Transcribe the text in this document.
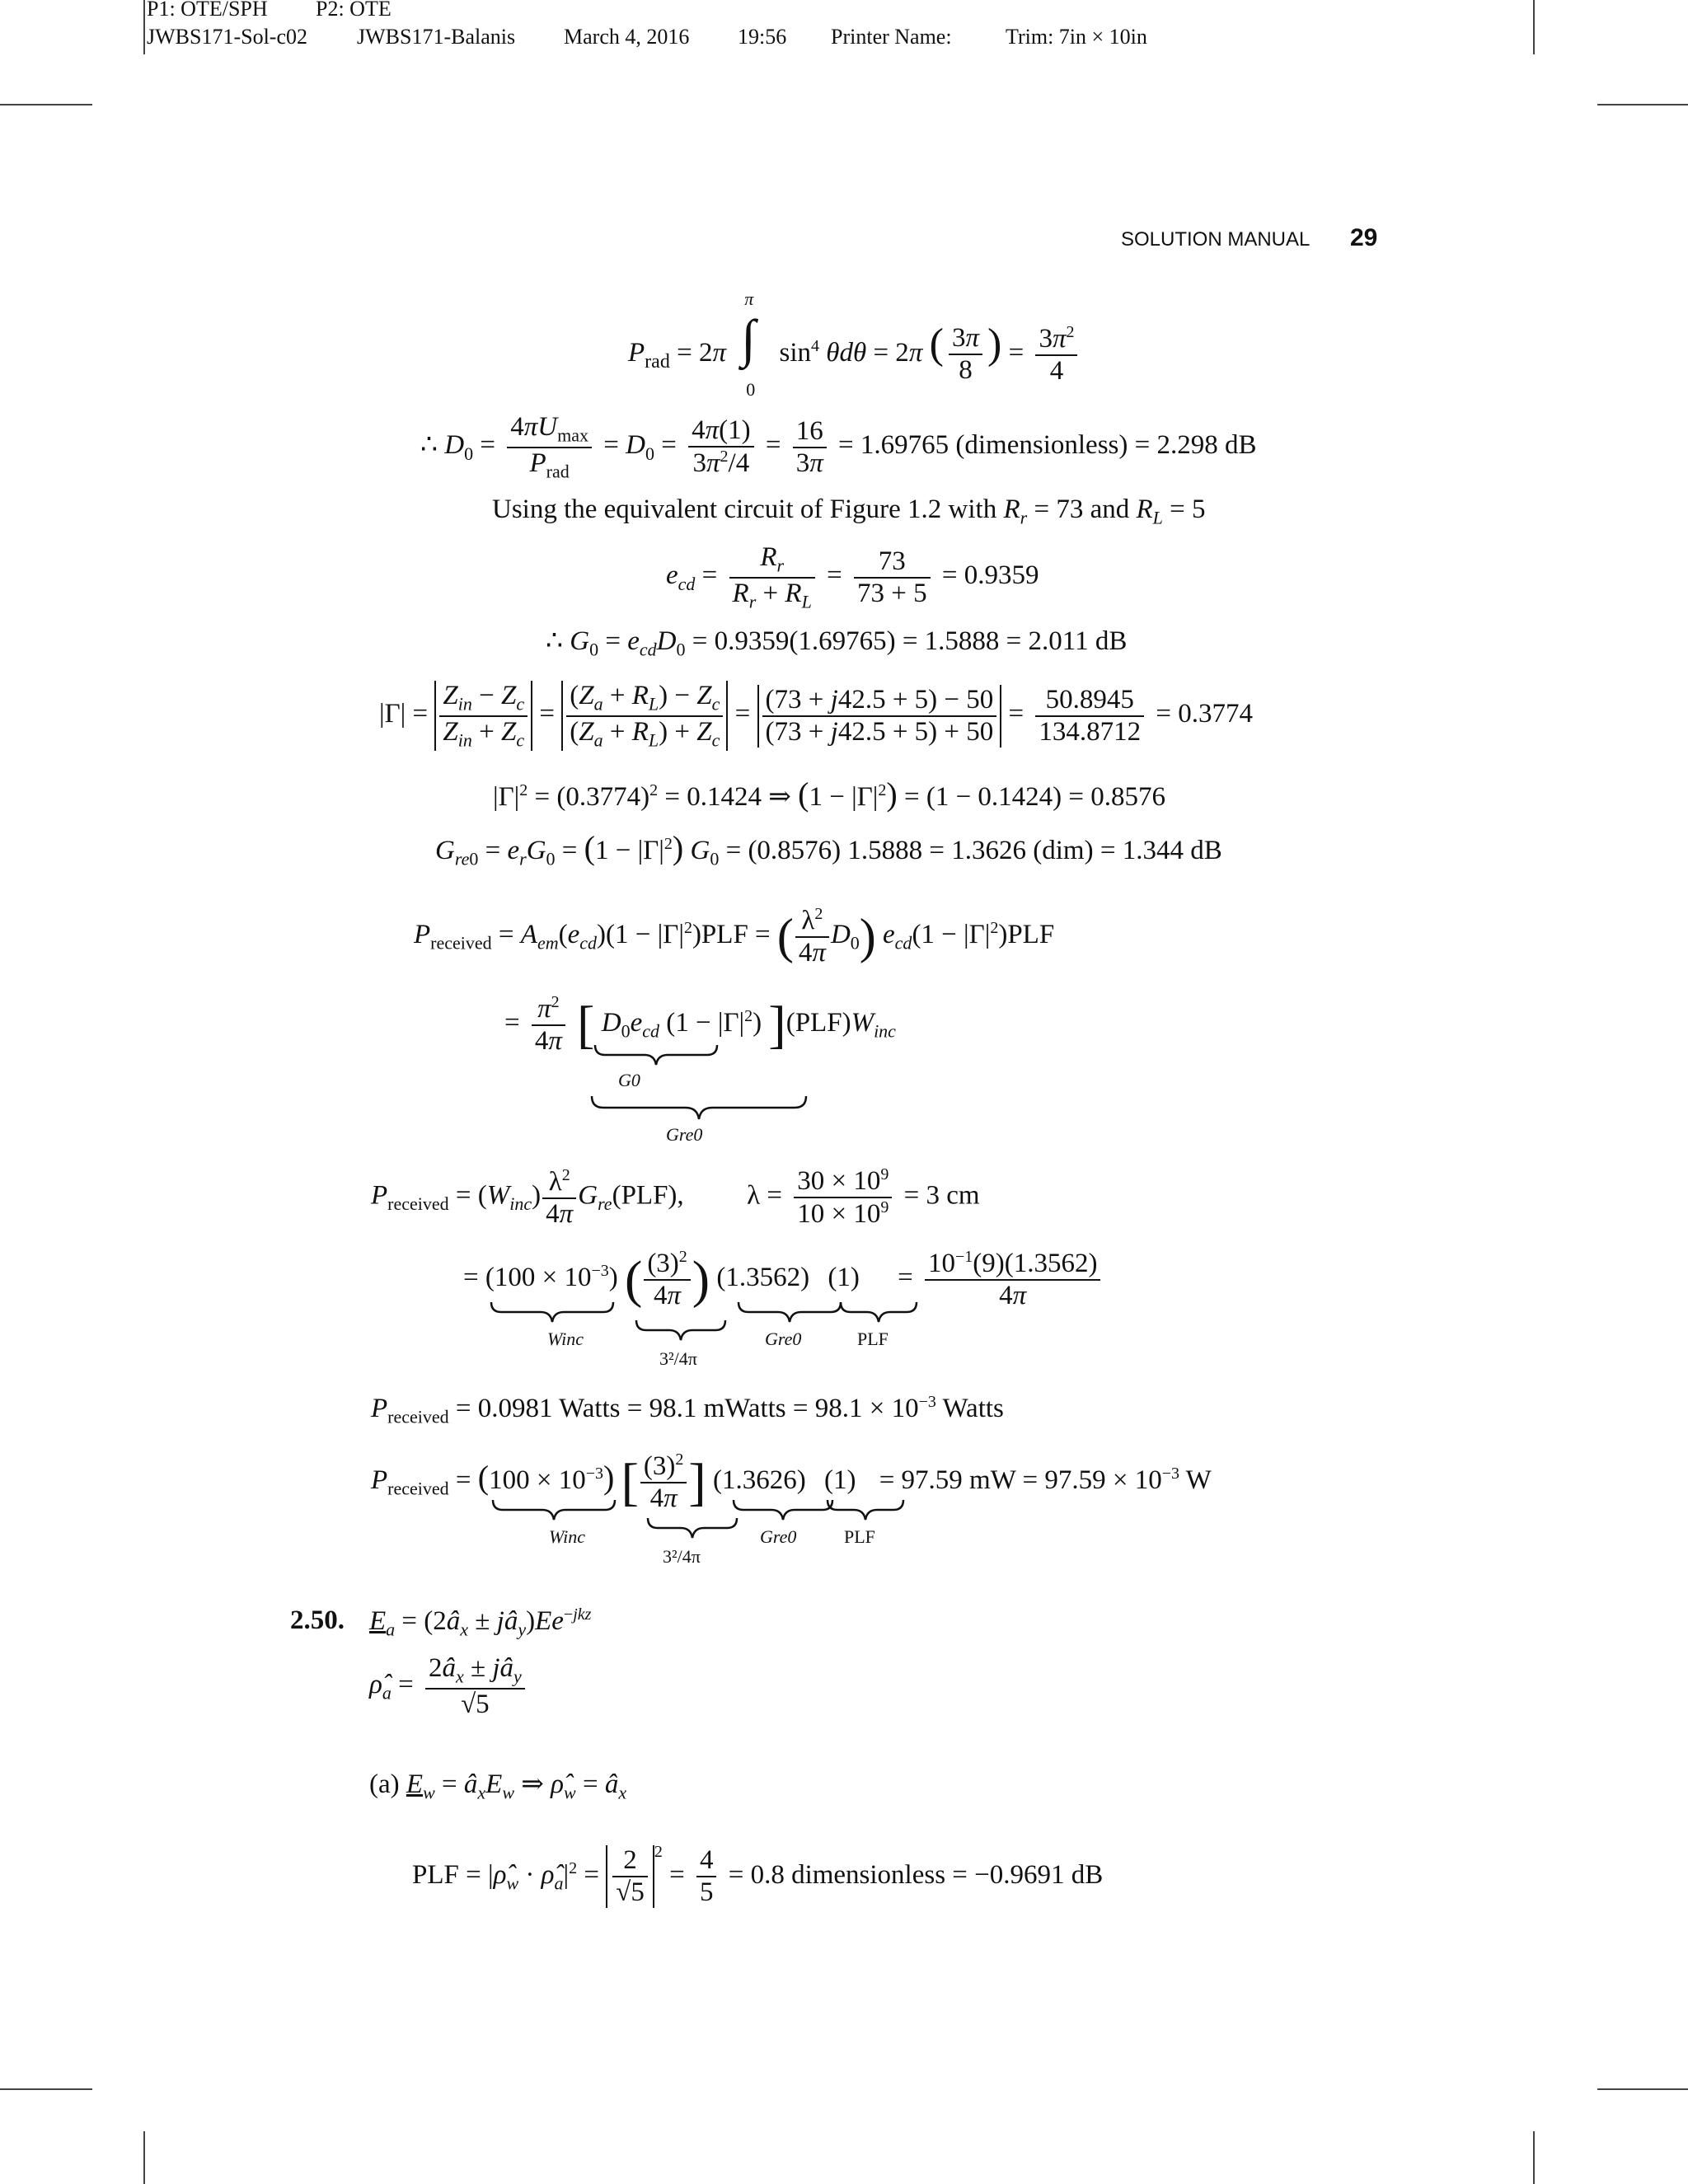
P1: OTE/SPH P2: OTE
JWBS171-Sol-c02 JWBS171-Balanis March 4, 2016 19:56 Printer Name:	Trim: 7in × 10in
SOLUTION MANUAL 29
$P_{rad} = 2\pi$
π
∫
0
$\sin^4 \theta d\theta = 2\pi$ ( $\frac{3\pi}{8}$ ) = $\frac{3\pi^2}{4}$
∴ $D_0 = \frac{4\pi U_{max}}{P_{rad}} = D_0 = \frac{4\pi(1)}{3\pi^2/4} = \frac{16}{3\pi} = 1.69765$ (dimensionless) = 2.298 dB
Using the equivalent circuit of Figure 1.2 with $R_r = 73$ and $R_L = 5$
$e_{cd} = \frac{R_r}{R_r + R_L} = \frac{73}{73 + 5} = 0.9359$
∴ $G_0 = e_{cd}D_0 = 0.9359(1.69765) = 1.5888 = 2.011$ dB
$|\Gamma| = \frac{Z_{in} - Z_c}{Z_{in} + Z_c} = \frac{(Z_a + R_L) - Z_c}{(Z_a + R_L) + Z_c} = \frac{(73 + j42.5 + 5) - 50}{(73 + j42.5 + 5) + 50} = \frac{50.8945}{134.8712} = 0.3774$
$|\Gamma|^2 = (0.3774)^2 = 0.1424$ ⇒ $(1 - |\Gamma|^2) = (1 - 0.1424) = 0.8576$
$G_{re0} = e_rG_0 = (1 - |\Gamma|^2) G_0 = (0.8576) 1.5888 = 1.3626$ (dim) = 1.344 dB
$P_{received} = A_{em}(e_{cd})(1 - |\Gamma|^2)PLF$ = ( $\frac{\lambda^2}{4\pi} D_0$) $e_{cd}(1 - |\Gamma|^2)PLF$
= $\frac{\pi^2}{4\pi}$ [ $D_0e_{cd}$ $(1 - |\Gamma|^2)$ ]$(PLF)W_{inc}$
$P_{received} = (W_{inc}) \frac{\lambda^2}{4\pi} G_{re}(PLF)$,  $\lambda = \frac{30 \times 10^9}{10 \times 10^9} = 3$ cm
= $(100 \times 10^{-3})$ ( $\frac{(3)^2}{4\pi}$ ) (1.3562) $(1) = \frac{10^{-1}(9)(1.3562)}{4\pi}$
$P_{received} = 0.0981$ Watts = 98.1 mWatts = $98.1 \times 10^{-3}$ Watts
$P_{received} = (100 \times 10^{-3})$ [ $\frac{(3)^2}{4\pi}$ ] (1.3626) (1) = 97.59 mW = $97.59 \times 10^{-3}$ W
G0
Gre0
Winc
3²/4π
Gre0	PLF
Winc
3²/4π
Gre0	PLF
2.50. $E_a$ = ($2â_x$ ± $jâ_y)Ee^{-jkz}$
$\rhô_a = \frac{2â_x \pm jâ_y}{√5}$
(a) $E_w$ = $â_xE_w$ ⇒ $\rhô_w$ = $â_x$
PLF = $|\rhô_w$ · $\rhô_a|^2 = \frac{2}{√5} ^2 = \frac{4}{5} = 0.8$ dimensionless = −0.9691 dB
